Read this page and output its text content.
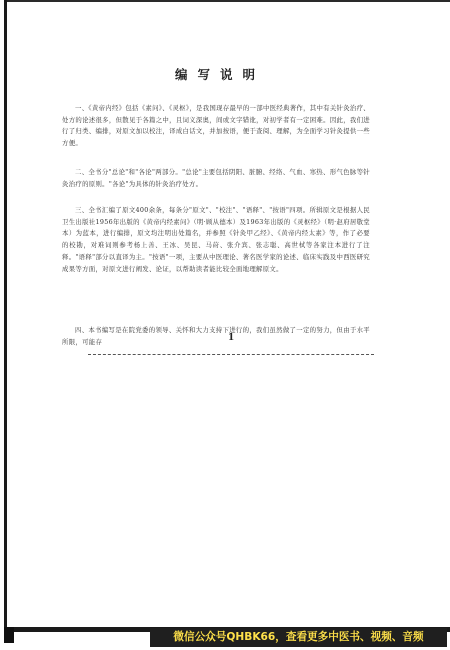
编写说明

一、《黄帝内经》包括《素问》、《灵枢》，是我国现存最早的一部中医经典著作，其中有关针灸治疗、处方的论述很多，但散见于各篇之中，且词义深奥，间或文字错讹，对初学者有一定困难。因此，我们进行了归类、编排，对原文加以校注，译成白话文，并加按语，便于查阅、理解，为全面学习针灸提供一些方便。

二、全书分"总论"和"各论"两部分。"总论"主要包括阴阳、脏腑、经络、气血、寒热、形气色脉等针灸治疗的原则。"各论"为具体的针灸治疗处方。

三、全书汇编了原文400余条，每条分"原文"、"校注"、"语释"、"按语"四项。所辑原文是根据人民卫生出版社1956年出版的《黄帝内经素问》（明·顾从德本）及1963年出版的《灵枢经》（明·赵府居敬堂本）为蓝本，进行编排，原文均注明出处篇名，并参照《针灸甲乙经》、《黄帝内经太素》等，作了必要的校勘，对难词则参考杨上善、王冰、吴昆、马莳、张介宾、张志聪、高世栻等各家注本进行了注释。"语释"部分以直译为主。"按语"一项，主要从中医理论、著名医学家的论述、临床实践及中西医研究成果等方面，对原文进行阐发、论证，以帮助读者能比较全面地理解原文。

四、本书编写是在院党委的领导、关怀和大力支持下进行的，我们虽然做了一定的努力，但由于水平所限，可能存	1
微信公众号QHBK66，查看更多中医书、视频、音频
